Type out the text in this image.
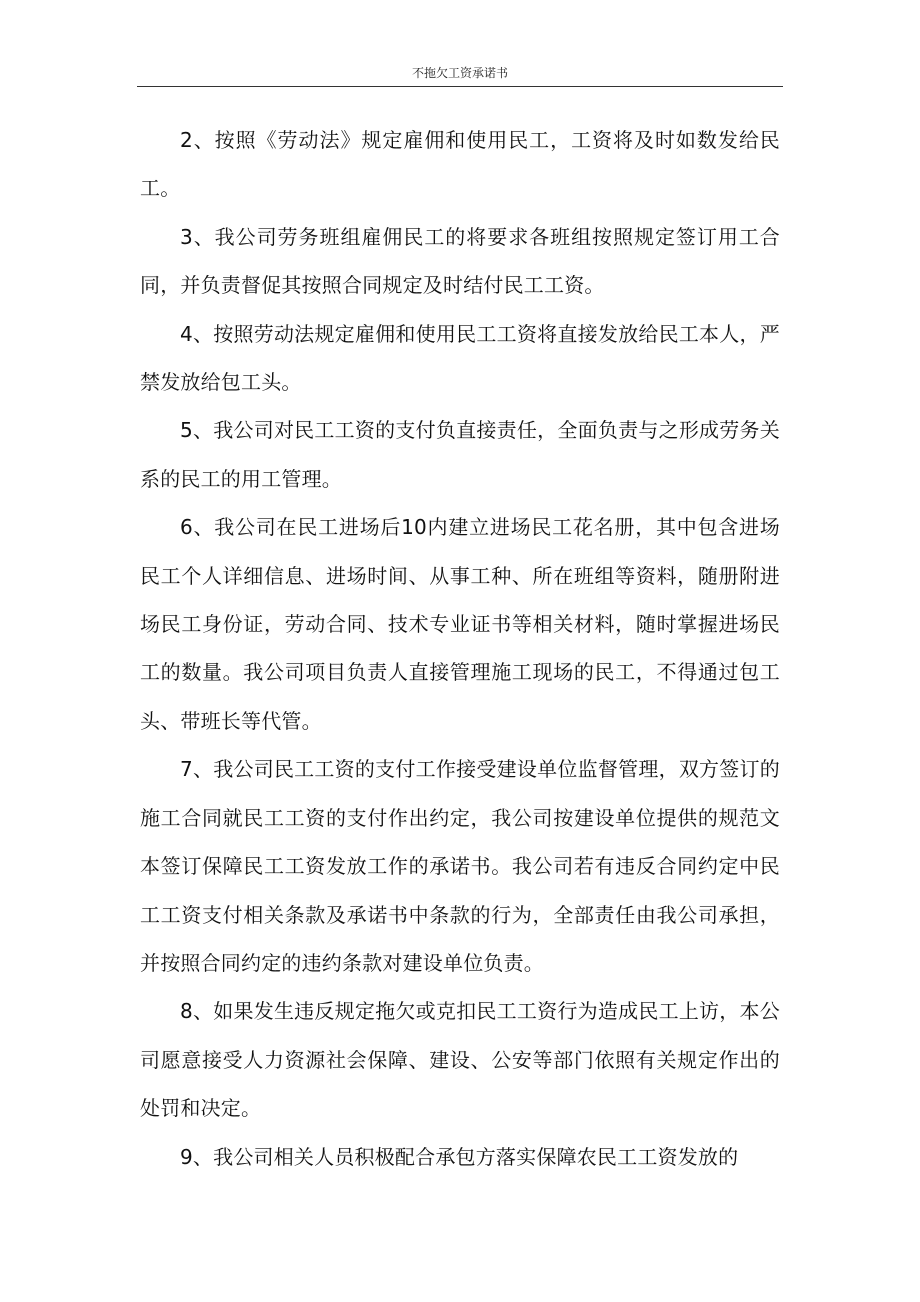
不拖欠工资承诺书

2、按照《劳动法》规定雇佣和使用民工，工资将及时如数发给民工。

3、我公司劳务班组雇佣民工的将要求各班组按照规定签订用工合同，并负责督促其按照合同规定及时结付民工工资。

4、按照劳动法规定雇佣和使用民工工资将直接发放给民工本人，严禁发放给包工头。

5、我公司对民工工资的支付负直接责任，全面负责与之形成劳务关系的民工的用工管理。

6、我公司在民工进场后10内建立进场民工花名册，其中包含进场民工个人详细信息、进场时间、从事工种、所在班组等资料，随册附进场民工身份证，劳动合同、技术专业证书等相关材料，随时掌握进场民工的数量。我公司项目负责人直接管理施工现场的民工，不得通过包工头、带班长等代管。

7、我公司民工工资的支付工作接受建设单位监督管理，双方签订的施工合同就民工工资的支付作出约定，我公司按建设单位提供的规范文本签订保障民工工资发放工作的承诺书。我公司若有违反合同约定中民工工资支付相关条款及承诺书中条款的行为，全部责任由我公司承担，并按照合同约定的违约条款对建设单位负责。

8、如果发生违反规定拖欠或克扣民工工资行为造成民工上访，本公司愿意接受人力资源社会保障、建设、公安等部门依照有关规定作出的处罚和决定。

9、我公司相关人员积极配合承包方落实保障农民工工资发放的
